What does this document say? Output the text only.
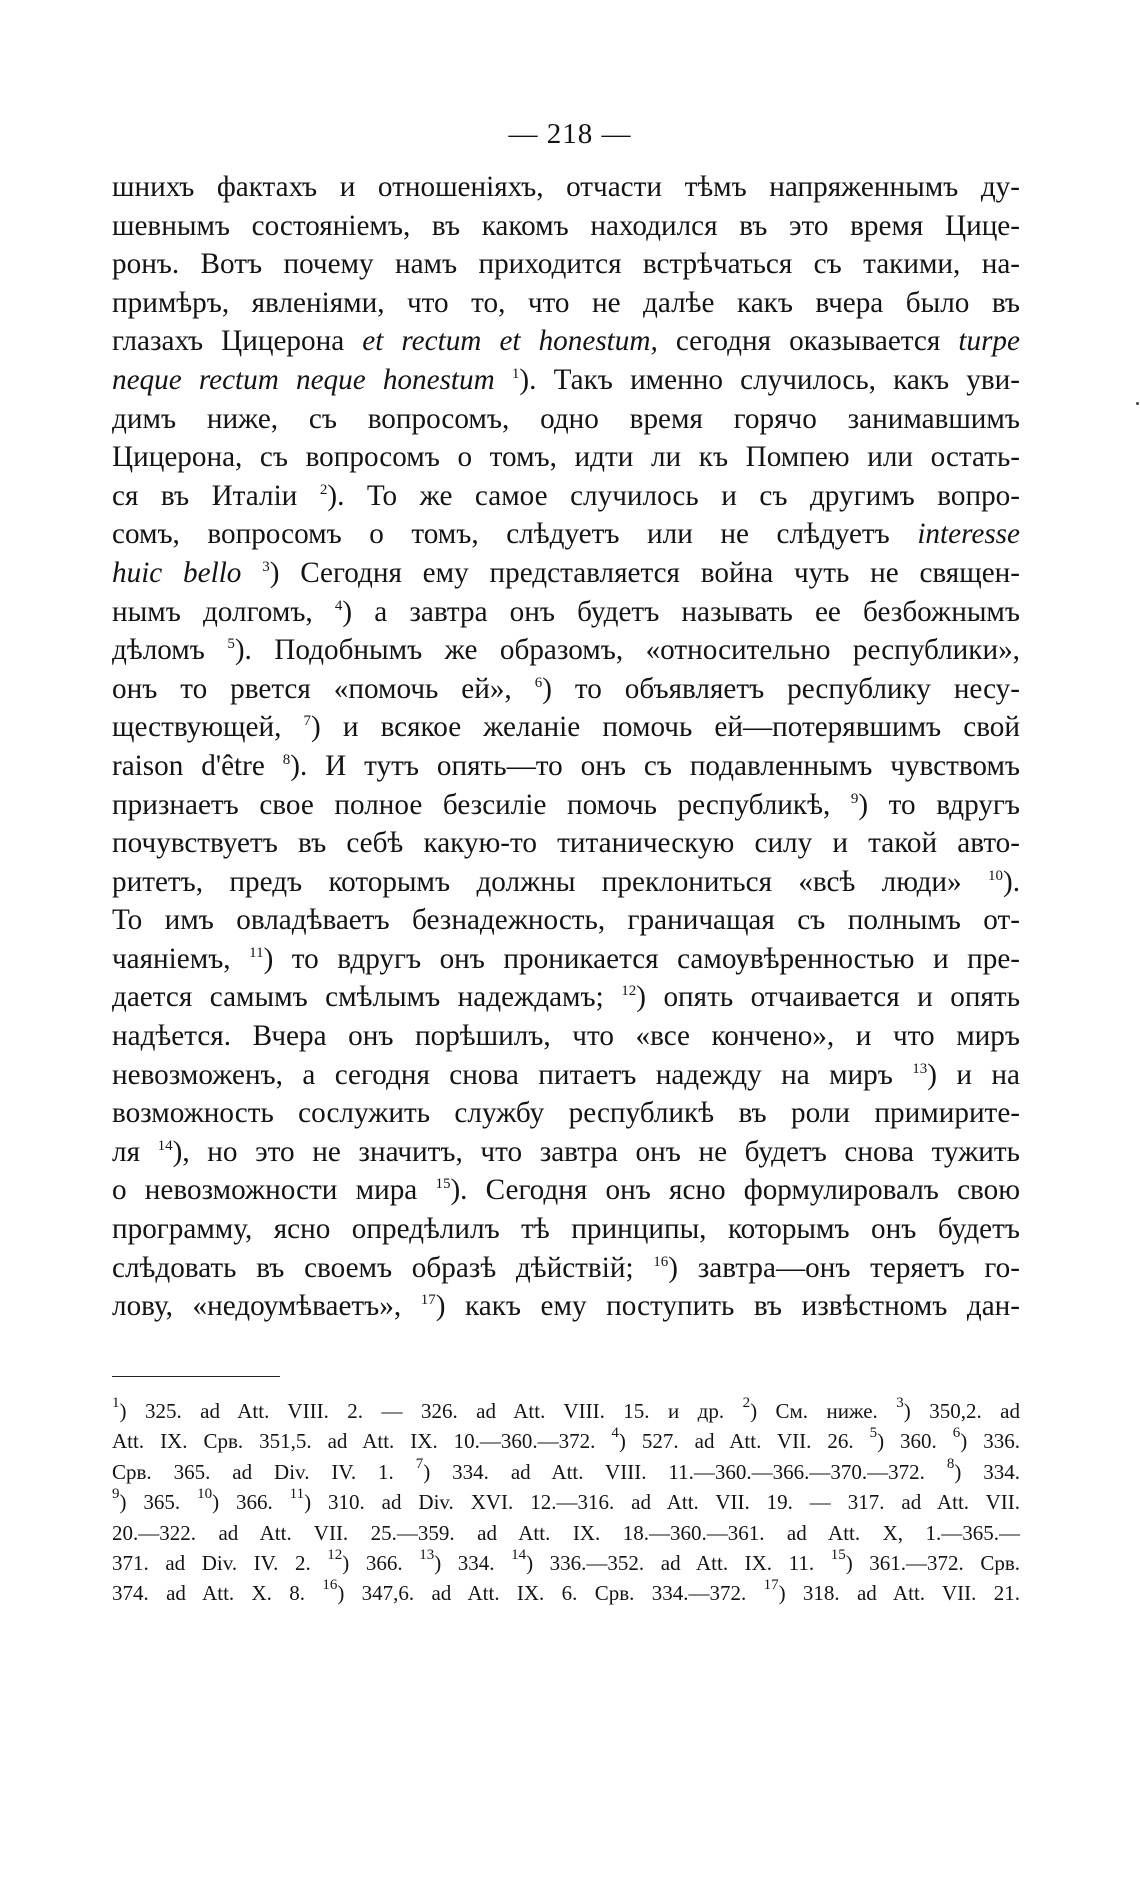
— 218 —
шнихъ фактахъ и отношеніяхъ, отчасти тѣмъ напряженнымъ ду-
шевнымъ состояніемъ, въ какомъ находился въ это время Цице-
ронъ. Вотъ почему намъ приходится встрѣчаться съ такими, на-
примѣръ, явленіями, что то, что не далѣе какъ вчера было въ
глазахъ Цицерона et rectum et honestum, сегодня оказывается turpe
neque rectum neque honestum $^1$). Такъ именно случилось, какъ уви-
димъ ниже, съ вопросомъ, одно время горячо занимавшимъ
Цицерона, съ вопросомъ о томъ, идти ли къ Помпею или остать-
ся въ Италіи $^2$). То же самое случилось и съ другимъ вопро-
сомъ, вопросомъ о томъ, слѣдуетъ или не слѣдуетъ interesse
huic bello $^3$) Сегодня ему представляется война чуть не священ-
нымъ долгомъ, $^4$) а завтра онъ будетъ называть ее безбожнымъ
дѣломъ $^5$). Подобнымъ же образомъ, «относительно республики»,
онъ то рвется «помочь ей», $^6$) то объявляетъ республику несу-
ществующей, $^7$) и всякое желаніе помочь ей—потерявшимъ свой
raison d'être $^8$). И тутъ опять—то онъ съ подавленнымъ чувствомъ
признаетъ свое полное безсиліе помочь республикѣ, $^9$) то вдругъ
почувствуетъ въ себѣ какую-то титаническую силу и такой авто-
ритетъ, предъ которымъ должны преклониться «всѣ люди» $^{10}$).
То имъ овладѣваетъ безнадежность, граничащая съ полнымъ от-
чаяніемъ, $^{11}$) то вдругъ онъ проникается самоувѣренностью и пре-
дается самымъ смѣлымъ надеждамъ; $^{12}$) опять отчаивается и опять
надѣется. Вчера онъ порѣшилъ, что «все кончено», и что миръ
невозможенъ, а сегодня снова питаетъ надежду на миръ $^{13}$) и на
возможность сослужить службу республикѣ въ роли примирите-
ля $^{14}$), но это не значитъ, что завтра онъ не будетъ снова тужить
о невозможности мира $^{15}$). Сегодня онъ ясно формулировалъ свою
программу, ясно опредѣлилъ тѣ принципы, которымъ онъ будетъ
слѣдовать въ своемъ образѣ дѣйствій; $^{16}$) завтра—онъ теряетъ го-
лову, «недоумѣваетъ», $^{17}$) какъ ему поступить въ извѣстномъ дан-
$^1$) 325. ad Att. VIII. 2. — 326. ad Att. VIII. 15. и др. $^2$) См. ниже. $^3$) 350,2. ad
Att. IX. Срв. 351,5. ad Att. IX. 10.—360.—372. $^4$) 527. ad Att. VII. 26. $^5$) 360. $^6$) 336.
Срв. 365. ad Div. IV. 1. $^7$) 334. ad Att. VIII. 11.—360.—366.—370.—372. $^8$) 334.
$^9$) 365. $^{10}$) 366. $^{11}$) 310. ad Div. XVI. 12.—316. ad Att. VII. 19. — 317. ad Att. VII.
20.—322. ad Att. VII. 25.—359. ad Att. IX. 18.—360.—361. ad Att. X, 1.—365.—
371. ad Div. IV. 2. $^{12}$) 366. $^{13}$) 334. $^{14}$) 336.—352. ad Att. IX. 11. $^{15}$) 361.—372. Срв.
374. ad Att. X. 8. $^{16}$) 347,6. ad Att. IX. 6. Срв. 334.—372. $^{17}$) 318. ad Att. VII. 21.
